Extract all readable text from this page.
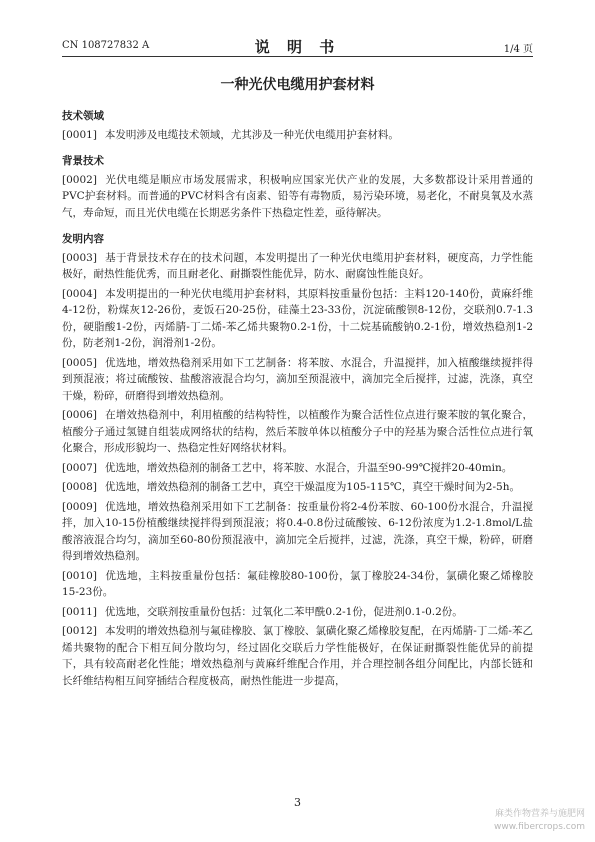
CN 108727832 A	说 明 书	1/4 页
一种光伏电缆用护套材料
技术领域

[0001] 本发明涉及电缆技术领域，尤其涉及一种光伏电缆用护套材料。

背景技术

[0002] 光伏电缆是顺应市场发展需求，积极响应国家光伏产业的发展，大多数都设计采用普通的PVC护套材料。而普通的PVC材料含有卤素、铅等有毒物质，易污染环境，易老化，不耐臭氧及水蒸气，寿命短，而且光伏电缆在长期恶劣条件下热稳定性差，亟待解决。

发明内容

[0003] 基于背景技术存在的技术问题，本发明提出了一种光伏电缆用护套材料，硬度高，力学性能极好，耐热性能优秀，而且耐老化、耐撕裂性能优异，防水、耐腐蚀性能良好。

[0004] 本发明提出的一种光伏电缆用护套材料，其原料按重量份包括：主料120-140份，黄麻纤维4-12份，粉煤灰12-26份，麦饭石20-25份，硅藻土23-33份，沉淀硫酸钡8-12份，交联剂0.7-1.3份，硬脂酸1-2份，丙烯腈-丁二烯-苯乙烯共聚物0.2-1份，十二烷基硫酸钠0.2-1份，增效热稳剂1-2份，防老剂1-2份，润滑剂1-2份。

[0005] 优选地，增效热稳剂采用如下工艺制备：将苯胺、水混合，升温搅拌，加入植酸继续搅拌得到预混液；将过硫酸铵、盐酸溶液混合均匀，滴加至预混液中，滴加完全后搅拌，过滤，洗涤，真空干燥，粉碎，研磨得到增效热稳剂。

[0006] 在增效热稳剂中，利用植酸的结构特性，以植酸作为聚合活性位点进行聚苯胺的氧化聚合，植酸分子通过氢键自组装成网络状的结构，然后苯胺单体以植酸分子中的羟基为聚合活性位点进行氧化聚合，形成形貌均一、热稳定性好网络状材料。

[0007] 优选地，增效热稳剂的制备工艺中，将苯胺、水混合，升温至90-99℃搅拌20-40min。

[0008] 优选地，增效热稳剂的制备工艺中，真空干燥温度为105-115℃，真空干燥时间为2-5h。

[0009] 优选地，增效热稳剂采用如下工艺制备：按重量份将2-4份苯胺、60-100份水混合，升温搅拌，加入10-15份植酸继续搅拌得到预混液；将0.4-0.8份过硫酸铵、6-12份浓度为1.2-1.8mol/L盐酸溶液混合均匀，滴加至60-80份预混液中，滴加完全后搅拌，过滤，洗涤，真空干燥，粉碎，研磨得到增效热稳剂。

[0010] 优选地，主料按重量份包括：氟硅橡胶80-100份，氯丁橡胶24-34份，氯磺化聚乙烯橡胶15-23份。

[0011] 优选地，交联剂按重量份包括：过氧化二苯甲酰0.2-1份，促进剂0.1-0.2份。

[0012] 本发明的增效热稳剂与氟硅橡胶、氯丁橡胶、氯磺化聚乙烯橡胶复配，在丙烯腈-丁二烯-苯乙烯共聚物的配合下相互间分散均匀，经过固化交联后力学性能极好，在保证耐撕裂性能优异的前提下，具有较高耐老化性能；增效热稳剂与黄麻纤维配合作用，并合理控制各组分间配比，内部长链和长纤维结构相互间穿插结合程度极高，耐热性能进一步提高，

3
麻类作物营养与施肥网
www.fibercrops.com
